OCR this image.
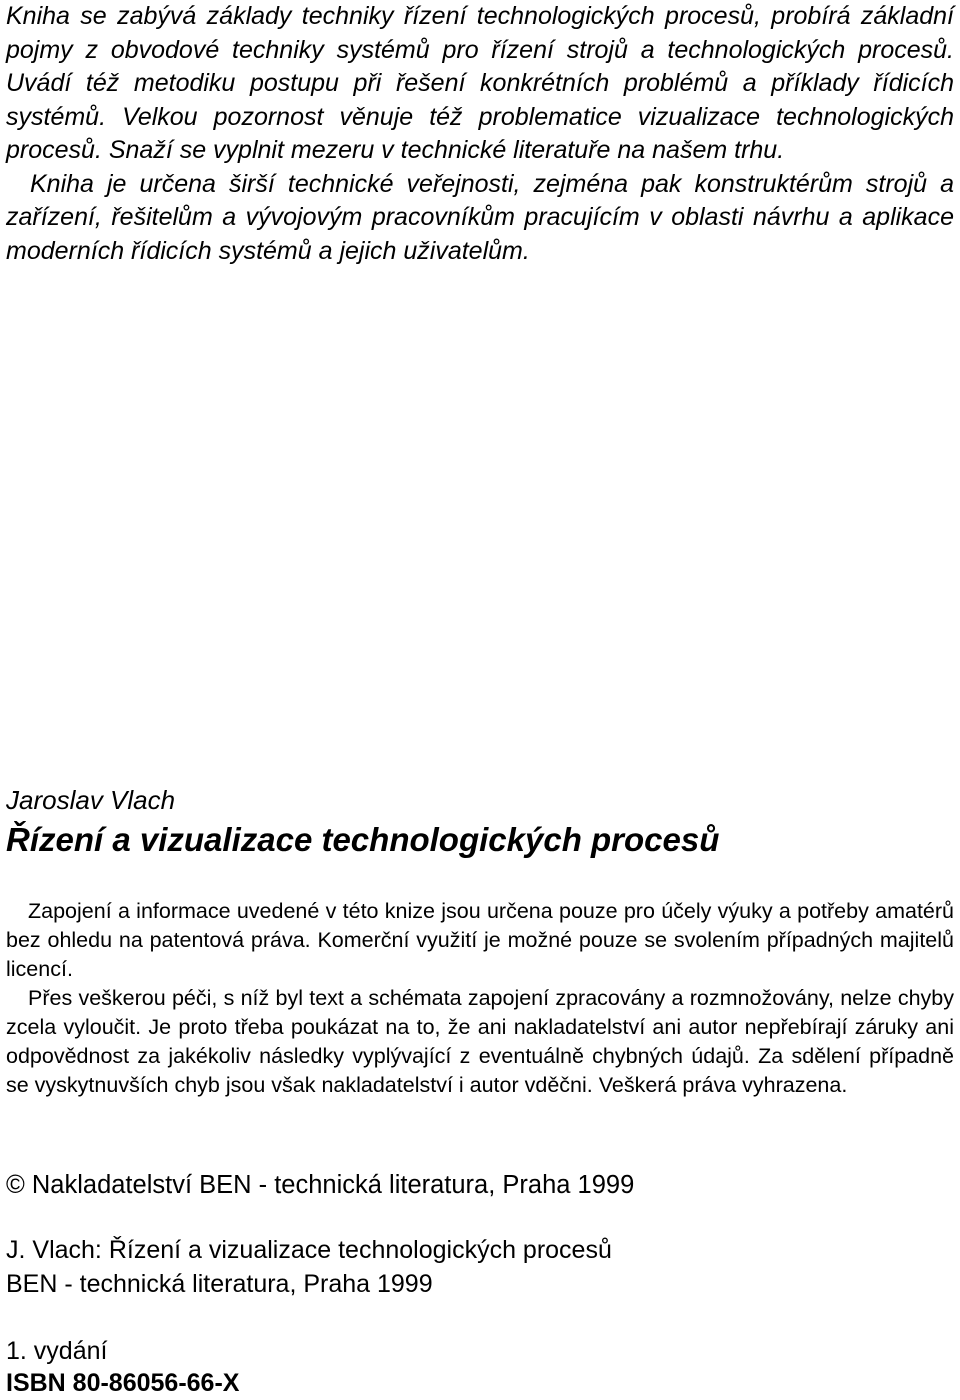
Kniha se zabývá základy techniky řízení technologických procesů, probírá základní pojmy z obvodové techniky systémů pro řízení strojů a technologických procesů. Uvádí též metodiku postupu při řešení konkrétních problémů a příklady řídicích systémů. Velkou pozornost věnuje též problematice vizualizace technologických procesů. Snaží se vyplnit mezeru v technické literatuře na našem trhu.

Kniha je určena širší technické veřejnosti, zejména pak konstruktérům strojů a zařízení, řešitelům a vývojovým pracovníkům pracujícím v oblasti návrhu a aplikace moderních řídicích systémů a jejich uživatelům.

Jaroslav Vlach
Řízení a vizualizace technologických procesů

Zapojení a informace uvedené v této knize jsou určena pouze pro účely výuky a potřeby amatérů bez ohledu na patentová práva. Komerční využití je možné pouze se svolením případných majitelů licencí.

Přes veškerou péči, s níž byl text a schémata zapojení zpracovány a rozmnožovány, nelze chyby zcela vyloučit. Je proto třeba poukázat na to, že ani nakladatelství ani autor nepřebírají záruky ani odpovědnost za jakékoliv následky vyplývající z eventuálně chybných údajů. Za sdělení případně se vyskytnuvších chyb jsou však nakladatelství i autor vděčni. Veškerá práva vyhrazena.

© Nakladatelství BEN - technická literatura, Praha 1999
J. Vlach: Řízení a vizualizace technologických procesů
BEN - technická literatura, Praha 1999
1. vydání
ISBN 80-86056-66-X
